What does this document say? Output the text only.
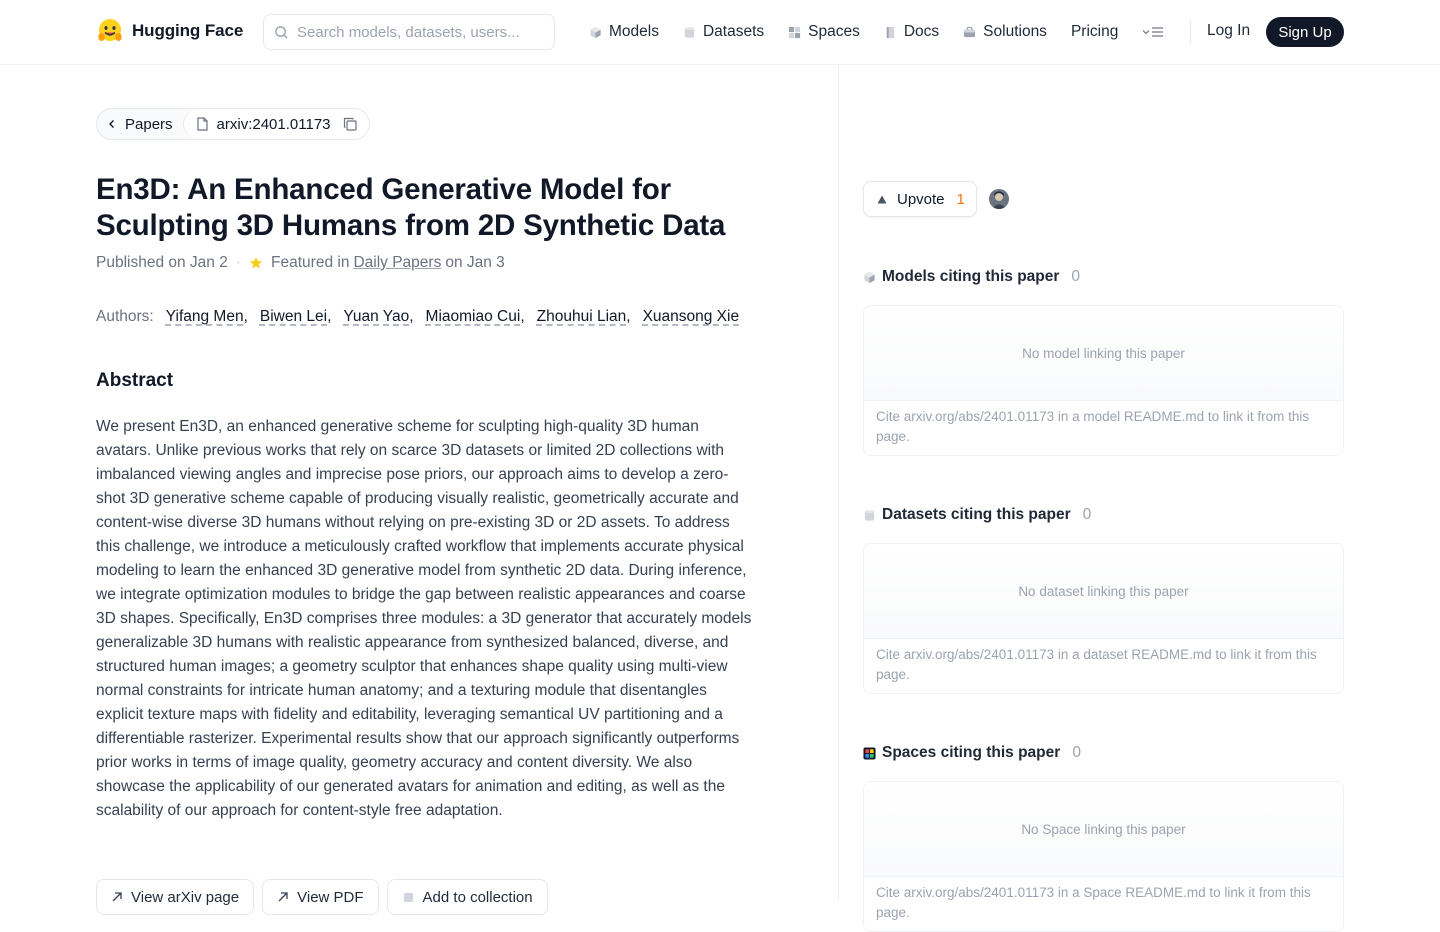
Hugging Face
Search models, datasets, users...	Models	Datasets	Spaces	Docs	Solutions Pricing	Log In	Sign Up
Papers	arxiv:2401.01173
En3D: An Enhanced Generative Model for Sculpting 3D Humans from 2D Synthetic Data
Published on Jan 2 · Featured in Daily Papers on Jan 3
Authors: Yifang Men , Biwen Lei , Yuan Yao , Miaomiao Cui , Zhouhui Lian , Xuansong Xie
Abstract

We present En3D, an enhanced generative scheme for sculpting high-quality 3D human avatars. Unlike previous works that rely on scarce 3D datasets or limited 2D collections with imbalanced viewing angles and imprecise pose priors, our approach aims to develop a zero-shot 3D generative scheme capable of producing visually realistic, geometrically accurate and content-wise diverse 3D humans without relying on pre-existing 3D or 2D assets. To address this challenge, we introduce a meticulously crafted workflow that implements accurate physical modeling to learn the enhanced 3D generative model from synthetic 2D data. During inference, we integrate optimization modules to bridge the gap between realistic appearances and coarse 3D shapes. Specifically, En3D comprises three modules: a 3D generator that accurately models generalizable 3D humans with realistic appearance from synthesized balanced, diverse, and structured human images; a geometry sculptor that enhances shape quality using multi-view normal constraints for intricate human anatomy; and a texturing module that disentangles explicit texture maps with fidelity and editability, leveraging semantical UV partitioning and a differentiable rasterizer. Experimental results show that our approach significantly outperforms prior works in terms of image quality, geometry accuracy and content diversity. We also showcase the applicability of our generated avatars for animation and editing, as well as the scalability of our approach for content-style free adaptation.

View arXiv page	View PDF	Add to collection
Upvote 1
Models citing this paper 0
No model linking this paper
Cite arxiv.org/abs/2401.01173 in a model README.md to link it from this page.
Datasets citing this paper 0
No dataset linking this paper
Cite arxiv.org/abs/2401.01173 in a dataset README.md to link it from this page.
Spaces citing this paper 0
No Space linking this paper
Cite arxiv.org/abs/2401.01173 in a Space README.md to link it from this page.
